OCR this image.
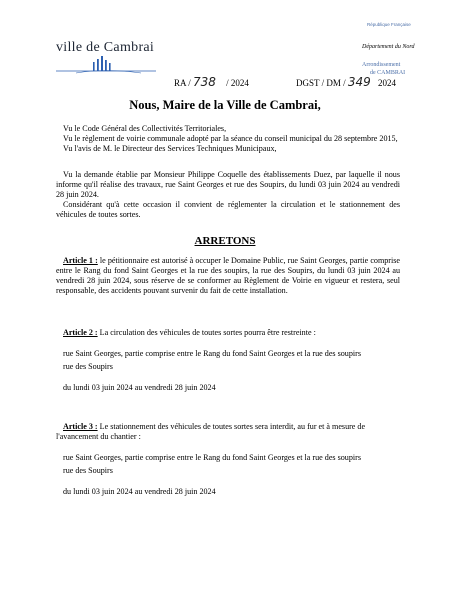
ville de Cambrai
République Française
Département du Nord
Arrondissement
de CAMBRAI
RA / 738 / 2024	DGST / DM / 349 2024
Nous, Maire de la Ville de Cambrai,

Vu le Code Général des Collectivités Territoriales,

Vu le règlement de voirie communale adopté par la séance du conseil municipal du 28 septembre 2015,

Vu l'avis de M. le Directeur des Services Techniques Municipaux,

Vu la demande établie par Monsieur Philippe Coquelle des établissements Duez, par laquelle il nous informe qu'il réalise des travaux, rue Saint Georges et rue des Soupirs, du lundi 03 juin 2024 au vendredi 28 juin 2024.

Considérant qu'à cette occasion il convient de réglementer la circulation et le stationnement des véhicules de toutes sortes.

ARRETONS

Article 1 : le pétitionnaire est autorisé à occuper le Domaine Public, rue Saint Georges, partie comprise entre le Rang du fond Saint Georges et la rue des soupirs, la rue des Soupirs, du lundi 03 juin 2024 au vendredi 28 juin 2024, sous réserve de se conformer au Règlement de Voirie en vigueur et restera, seul responsable, des accidents pouvant survenir du fait de cette installation.

Article 2 : La circulation des véhicules de toutes sortes pourra être restreinte :

rue Saint Georges, partie comprise entre le Rang du fond Saint Georges et la rue des soupirs

rue des Soupirs

du lundi 03 juin 2024 au vendredi 28 juin 2024

Article 3 : Le stationnement des véhicules de toutes sortes sera interdit, au fur et à mesure de l'avancement du chantier :

rue Saint Georges, partie comprise entre le Rang du fond Saint Georges et la rue des soupirs

rue des Soupirs

du lundi 03 juin 2024 au vendredi 28 juin 2024
